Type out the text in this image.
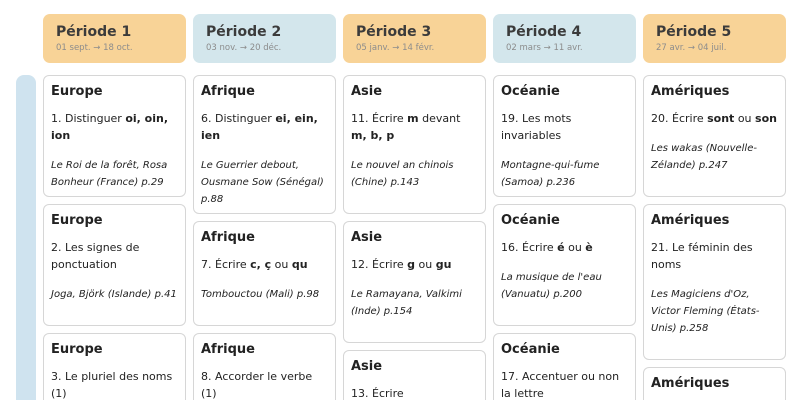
Période 1
01 sept. → 18 oct.
Europe
1. Distinguer oi, oin, ion
Le Roi de la forêt, Rosa Bonheur (France) p.29
Europe
2. Les signes de ponctuation
Joga, Björk (Islande) p.41
Europe
3. Le pluriel des noms (1)
Période 2
03 nov. → 20 déc.
Afrique
6. Distinguer ei, ein, ien
Le Guerrier debout, Ousmane Sow (Sénégal) p.88
Afrique
7. Écrire c, ç ou qu
Tombouctou (Mali) p.98
Afrique
8. Accorder le verbe (1)
Période 3
05 janv. → 14 févr.
Asie
11. Écrire m devant m, b, p
Le nouvel an chinois (Chine) p.143
Asie
12. Écrire g ou gu
Le Ramayana, Valkimi (Inde) p.154
Asie
13. Écrire
Période 4
02 mars → 11 avr.
Océanie
19. Les mots invariables
Montagne-qui-fume (Samoa) p.236
Océanie
16. Écrire é ou è
La musique de l'eau (Vanuatu) p.200
Océanie
17. Accentuer ou non la lettre
Période 5
27 avr. → 04 juil.
Amériques
20. Écrire sont ou son
Les wakas (Nouvelle-Zélande) p.247
Amériques
21. Le féminin des noms
Les Magiciens d'Oz, Victor Fleming (États-Unis) p.258
Amériques
